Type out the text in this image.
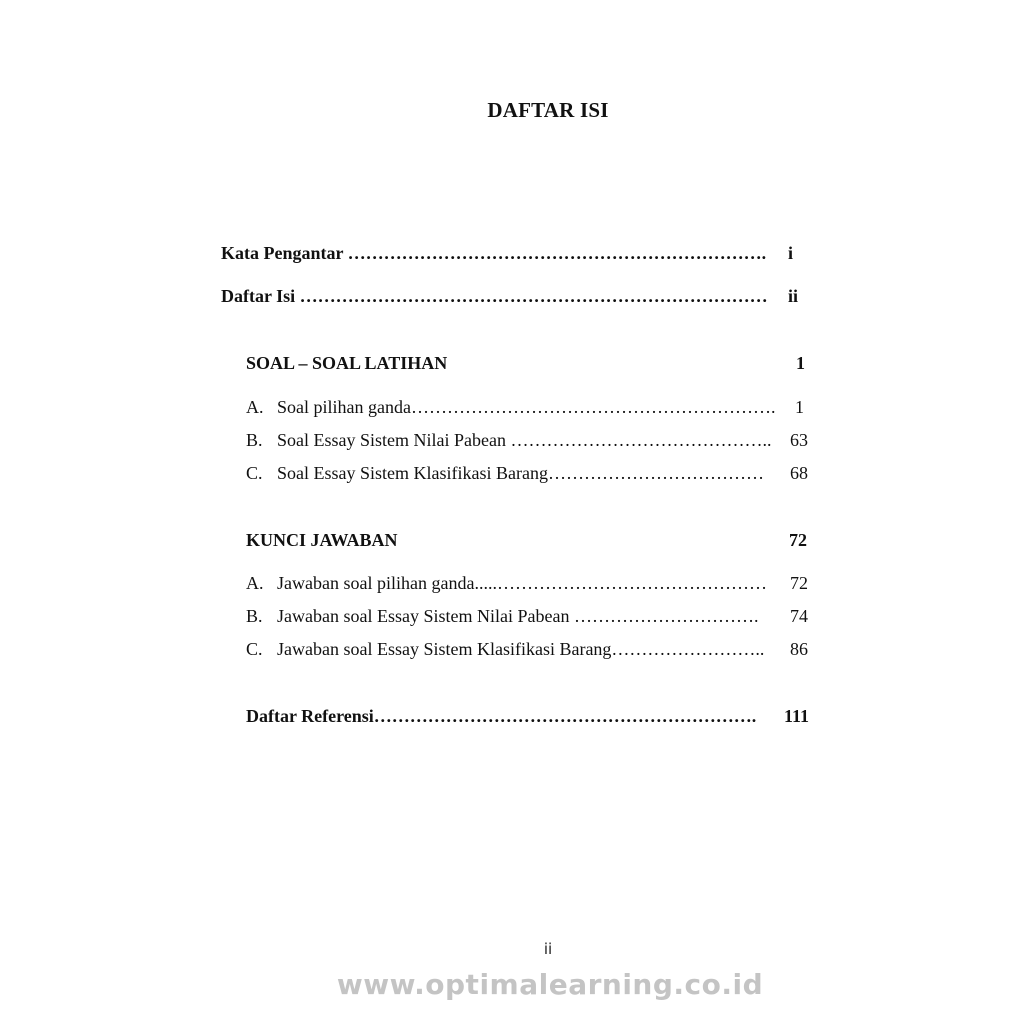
DAFTAR ISI
Kata Pengantar ……………………………………………………………. i
Daftar Isi …………………………………………………………………… ii
SOAL – SOAL LATIHAN	1
A. Soal pilihan ganda……………………………………………………. 1
B. Soal Essay Sistem Nilai Pabean …………………………………….. 63
C. Soal Essay Sistem Klasifikasi Barang……………………………… 68
KUNCI JAWABAN	72
A. Jawaban soal pilihan ganda.....……………………………………… 72
B. Jawaban soal Essay Sistem Nilai Pabean …………………………. 74
C. Jawaban soal Essay Sistem Klasifikasi Barang…………………….. 86
Daftar Referensi………………………………………………………. 111
ii
www.optimalearning.co.id
